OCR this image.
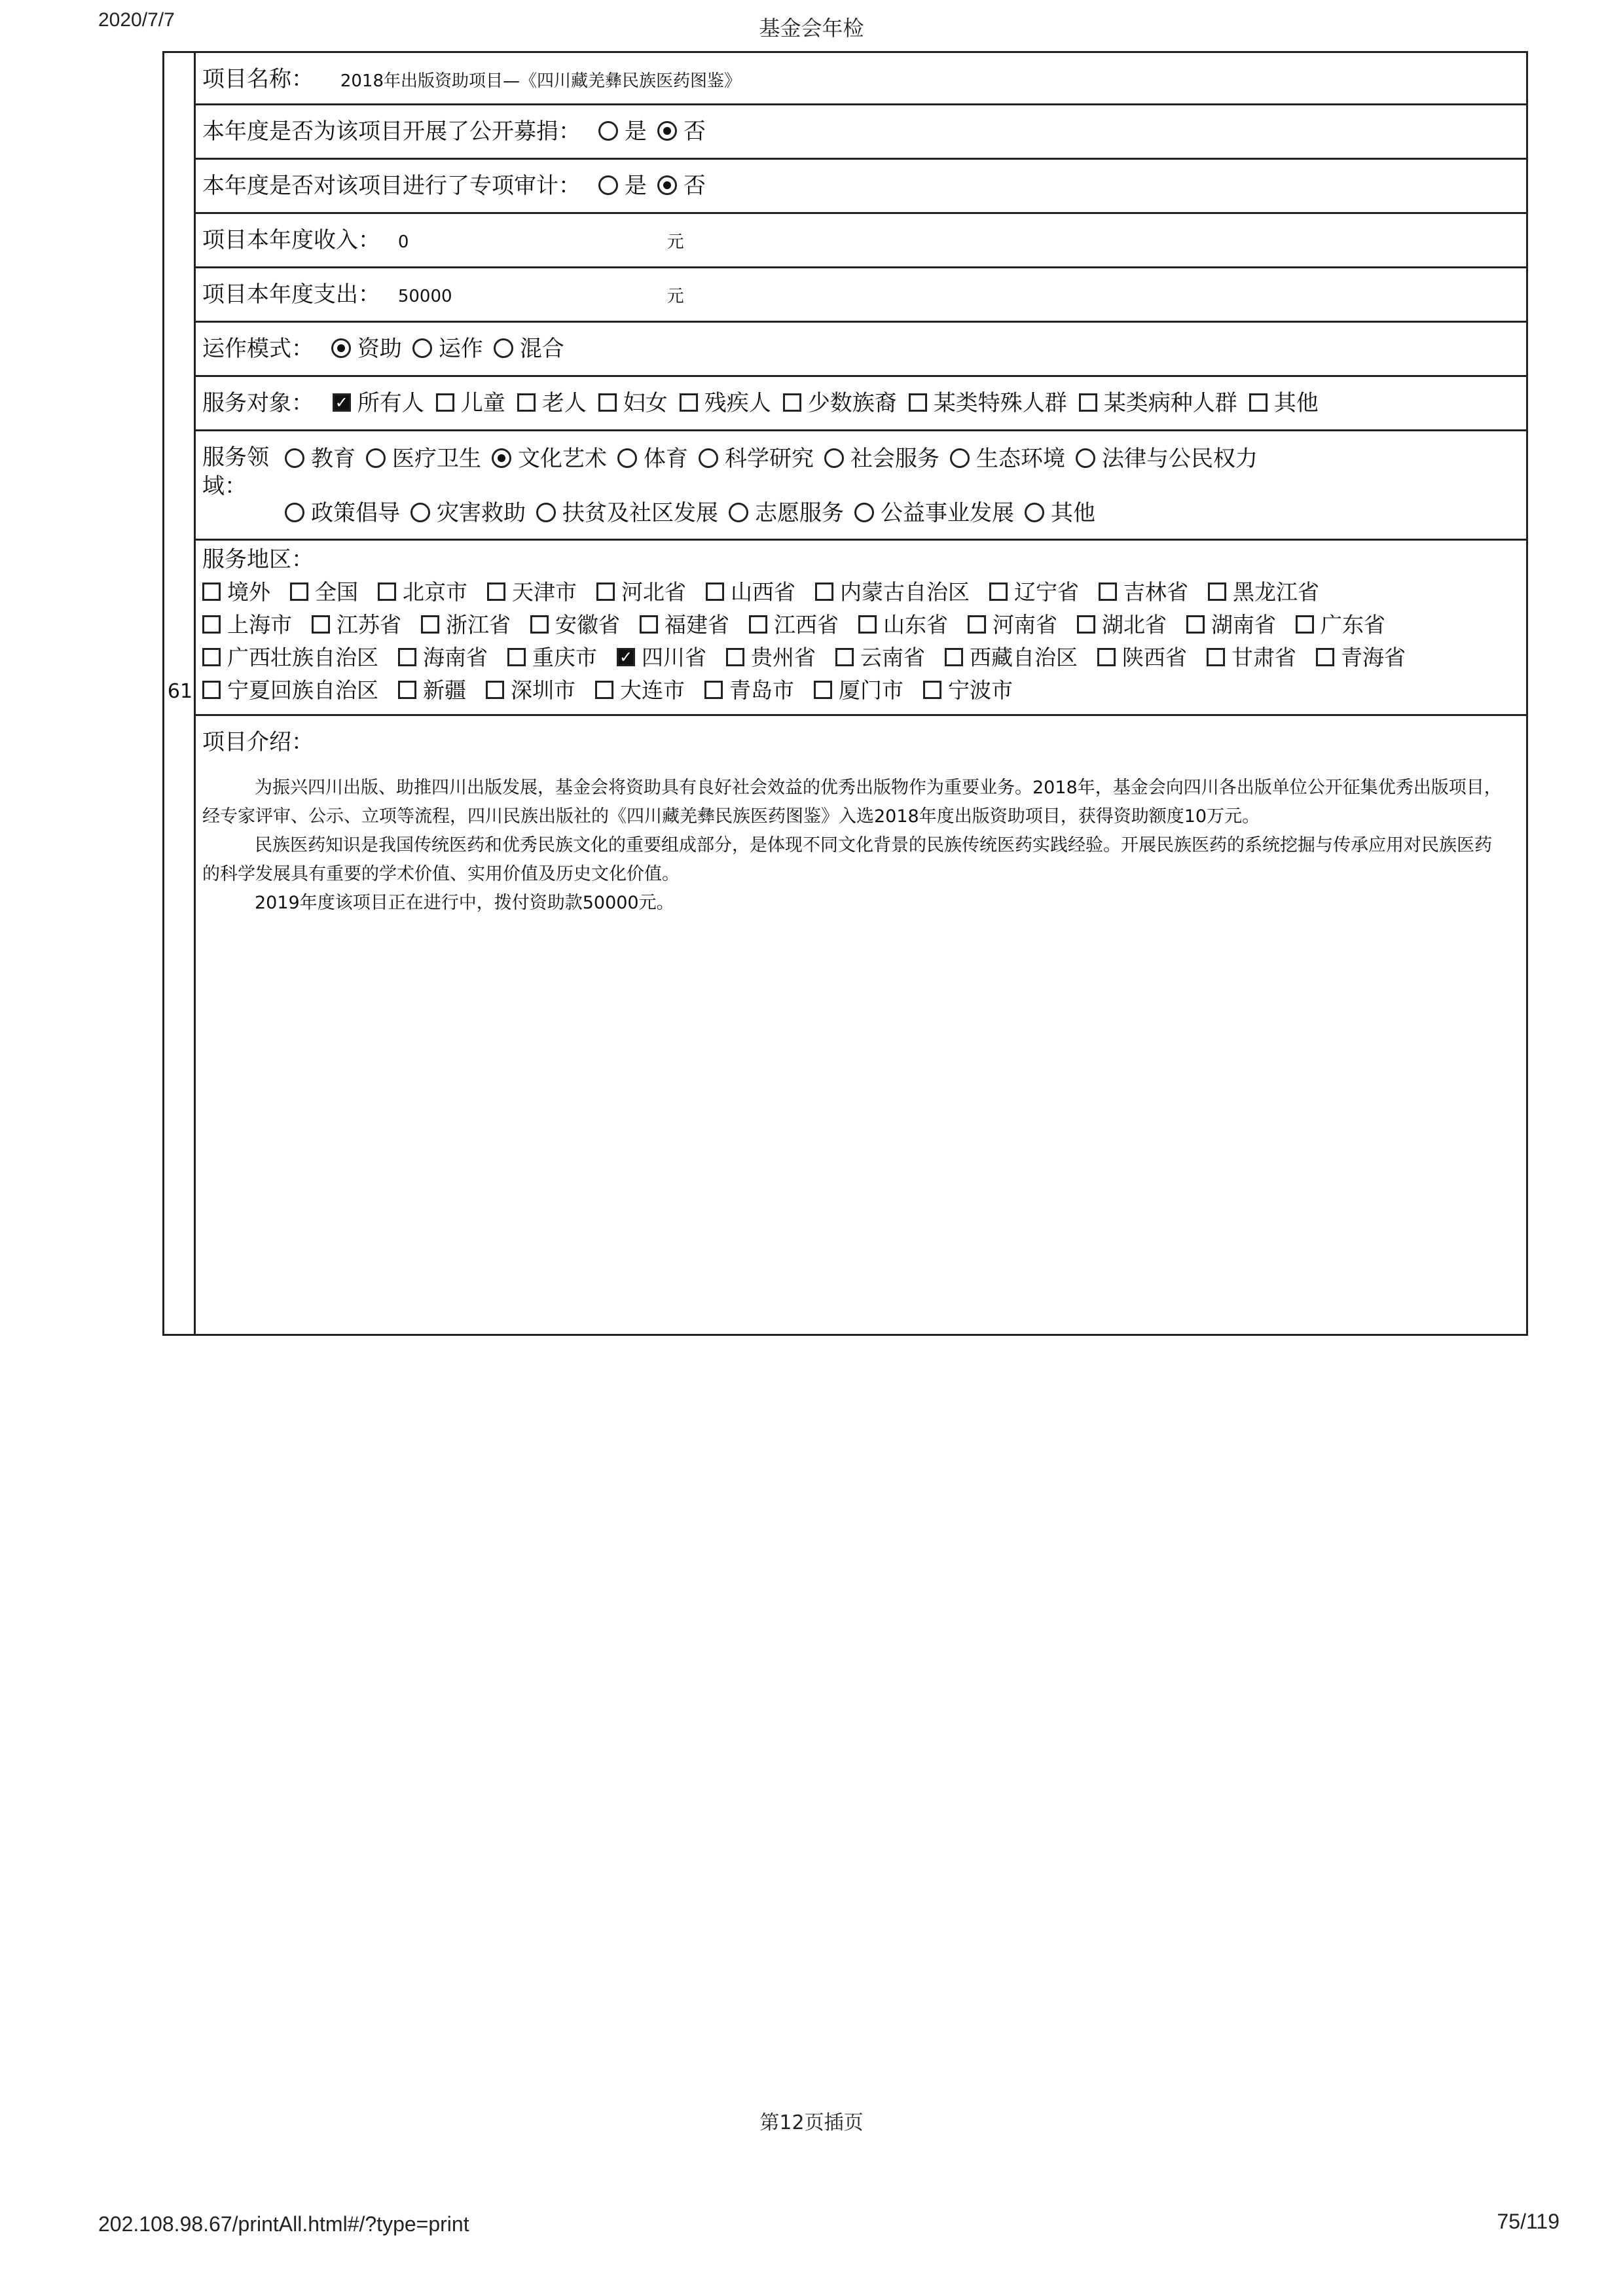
2020/7/7	基金会年检
61
项目名称： 2018年出版资助项目—《四川藏羌彝民族医药图鉴》
本年度是否为该项目开展了公开募捐： 是 否
本年度是否对该项目进行了专项审计： 是 否
项目本年度收入： 0	元
项目本年度支出： 50000	元
运作模式： 资助 运作 混合
服务对象： ✓ 所有人 儿童 老人 妇女 残疾人 少数族裔 某类特殊人群 某类病种人群 其他
服务领域：
教育 医疗卫生 文化艺术 体育 科学研究 社会服务 生态环境 法律与公民权力
政策倡导 灾害救助 扶贫及社区发展 志愿服务 公益事业发展 其他
服务地区：
境外 全国 北京市 天津市 河北省 山西省 内蒙古自治区 辽宁省 吉林省 黑龙江省
上海市 江苏省 浙江省 安徽省 福建省 江西省 山东省 河南省 湖北省 湖南省 广东省
广西壮族自治区 海南省 重庆市 ✓ 四川省 贵州省 云南省 西藏自治区 陕西省 甘肃省 青海省
宁夏回族自治区 新疆 深圳市 大连市 青岛市 厦门市 宁波市
项目介绍：

为振兴四川出版、助推四川出版发展，基金会将资助具有良好社会效益的优秀出版物作为重要业务。2018年，基金会向四川各出版单位公开征集优秀出版项目，经专家评审、公示、立项等流程，四川民族出版社的《四川藏羌彝民族医药图鉴》入选2018年度出版资助项目，获得资助额度10万元。

民族医药知识是我国传统医药和优秀民族文化的重要组成部分，是体现不同文化背景的民族传统医药实践经验。开展民族医药的系统挖掘与传承应用对民族医药的科学发展具有重要的学术价值、实用价值及历史文化价值。

2019年度该项目正在进行中，拨付资助款50000元。

第12页插页
202.108.98.67/printAll.html#/?type=print	75/119
